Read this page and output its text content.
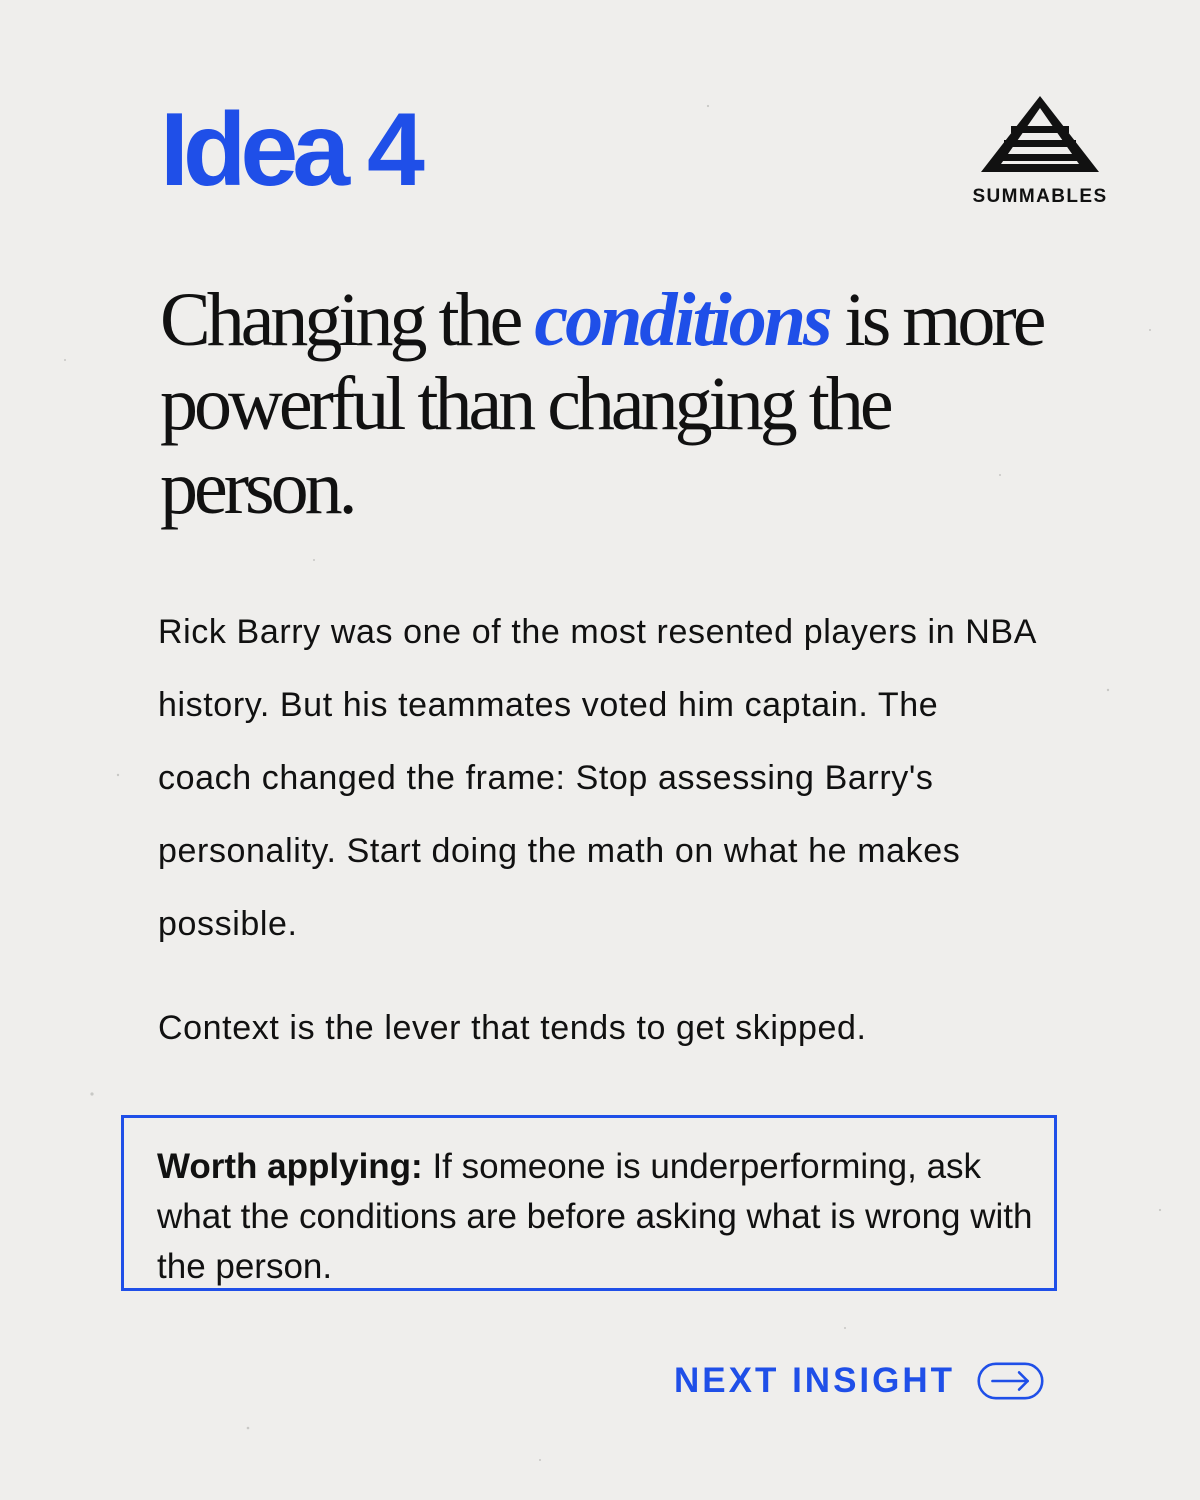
Idea 4	SUMMABLES
Changing the conditions is more powerful than changing the person.

Rick Barry was one of the most resented players in NBA history. But his teammates voted him captain. The coach changed the frame: Stop assessing Barry's personality. Start doing the math on what he makes possible.

Context is the lever that tends to get skipped.

Worth applying: If someone is underperforming, ask what the conditions are before asking what is wrong with the person.

NEXT INSIGHT
